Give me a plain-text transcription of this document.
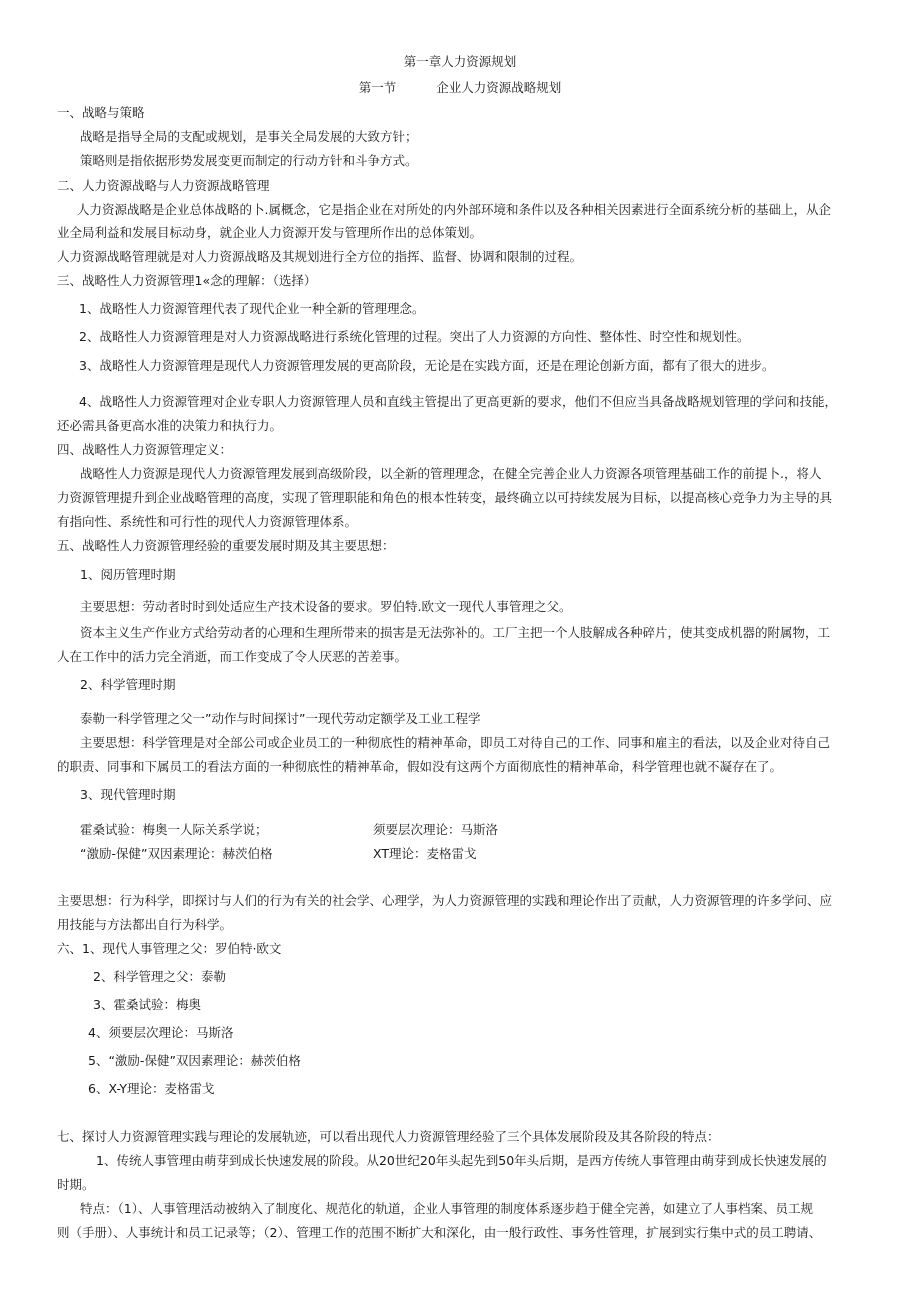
第一章人力资源规划
第一节	企业人力资源战略规划
一、战略与策略
战略是指导全局的支配或规划，是事关全局发展的大致方针；
策略则是指依据形势发展变更而制定的行动方针和斗争方式。
二、人力资源战略与人力资源战略管理
人力资源战略是企业总体战略的卜.属概念，它是指企业在对所处的内外部环境和条件以及各种相关因素进行全面系统分析的基础上，从企
业全局利益和发展目标动身，就企业人力资源开发与管理所作出的总体策划。
人力资源战略管理就是对人力资源战略及其规划进行全方位的指挥、监督、协调和限制的过程。
三、战略性人力资源管理1«念的理解：（选择）
1、战略性人力资源管理代表了现代企业一种全新的管理理念。
2、战略性人力资源管理是对人力资源战略进行系统化管理的过程。突出了人力资源的方向性、整体性、时空性和规划性。
3、战略性人力资源管理是现代人力资源管理发展的更高阶段，无论是在实践方面，还是在理论创新方面，都有了很大的进步。
4、战略性人力资源管理对企业专职人力资源管理人员和直线主管提出了更高更新的要求，他们不但应当具备战略规划管理的学问和技能，
还必需具备更高水准的决策力和执行力。
四、战略性人力资源管理定义：
战略性人力资源是现代人力资源管理发展到高级阶段，以全新的管理理念，在健全完善企业人力资源各项管理基础工作的前提卜.，将人
力资源管理提升到企业战略管理的高度，实现了管理职能和角色的根本性转变，最终确立以可持续发展为目标，以提高核心竞争力为主导的具
有指向性、系统性和可行性的现代人力资源管理体系。
五、战略性人力资源管理经验的重要发展时期及其主要思想：
1、阅历管理时期
主要思想：劳动者时时到处适应生产技术设备的要求。罗伯特.欧文一现代人事管理之父。
资本主义生产作业方式给劳动者的心理和生理所带来的损害是无法弥补的。工厂主把一个人肢解成各种碎片，使其变成机器的附属物，工
人在工作中的活力完全消逝，而工作变成了令人厌恶的苦差事。
2、科学管理时期
泰勒一科学管理之父一”动作与时间探讨”一现代劳动定额学及工业工程学
主要思想：科学管理是对全部公司或企业员工的一种彻底性的精神革命，即员工对待自己的工作、同事和雇主的看法，以及企业对待自己
的职责、同事和下属员工的看法方面的一种彻底性的精神革命，假如没有这两个方面彻底性的精神革命，科学管理也就不凝存在了。
3、现代管理时期
霍桑试验：梅奥一人际关系学说；	须要层次理论：马斯洛
“激励-保健”双因素理论：赫茨伯格	XT理论：麦格雷戈
主要思想：行为科学，即探讨与人们的行为有关的社会学、心理学，为人力资源管理的实践和理论作出了贡献，人力资源管理的许多学问、应
用技能与方法都出自行为科学。
六、1、现代人事管理之父：罗伯特·欧文
2、科学管理之父：泰勒
3、霍桑试验：梅奥
4、须要层次理论：马斯洛
5、“激励-保健”双因素理论：赫茨伯格
6、X-Y理论：麦格雷戈
七、探讨人力资源管理实践与理论的发展轨迹，可以看出现代人力资源管理经验了三个具体发展阶段及其各阶段的特点：
1、传统人事管理由萌芽到成长快速发展的阶段。从20世纪20年头起先到50年头后期，是西方传统人事管理由萌芽到成长快速发展的
时期。
特点：（1）、人事管理活动被纳入了制度化、规范化的轨道，企业人事管理的制度体系逐步趋于健全完善，如建立了人事档案、员工规
则（手册）、人事统计和员工记录等；（2）、管理工作的范围不断扩大和深化，由一般行政性、事务性管理，扩展到实行集中式的员工聘请、
